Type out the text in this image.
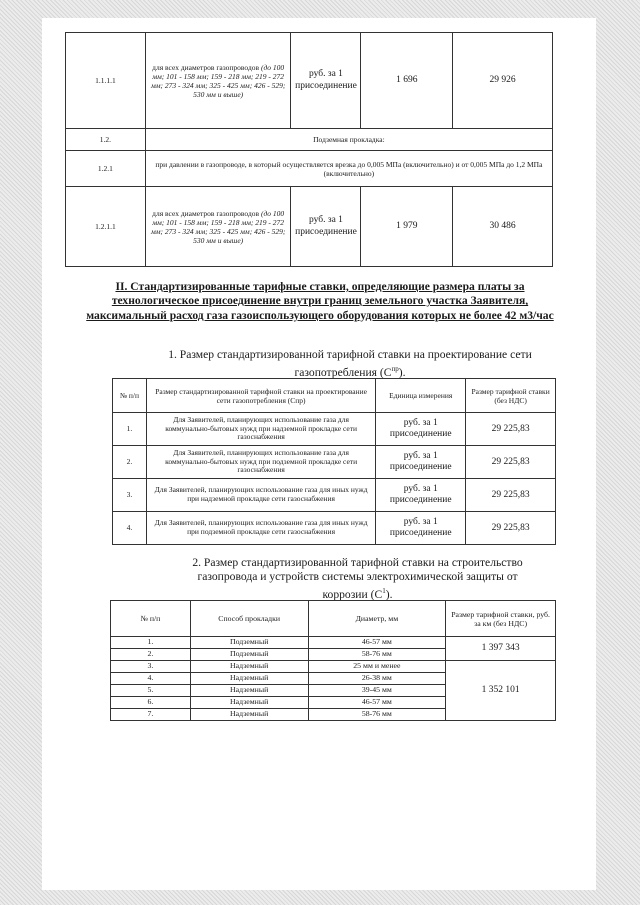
1.1.1.1	для всех диаметров газопроводов (до 100 мм; 101 - 158 мм; 159 - 218 мм; 219 - 272 мм; 273 - 324 мм; 325 - 425 мм; 426 - 529; 530 мм и выше)	руб. за 1 присоединение	1 696	29 926
1.2.	Подземная прокладка:			
1.2.1	при давлении в газопроводе, в который осуществляется врезка до 0,005 МПа (включительно) и от 0,005 МПа до 1,2 МПа (включительно)			
1.2.1.1	для всех диаметров газопроводов (до 100 мм; 101 - 158 мм; 159 - 218 мм; 219 - 272 мм; 273 - 324 мм; 325 - 425 мм; 426 - 529; 530 мм и выше)	руб. за 1 присоединение	1 979	30 486
II. Стандартизированные тарифные ставки, определяющие размера платы за технологическое присоединение внутри границ земельного участка Заявителя, максимальный расход газа газоиспользующего оборудования которых не более 42 м3/час
1. Размер стандартизированной тарифной ставки на проектирование сети газопотребления $(C^{пр})$.
№ п/п	Размер стандартизированной тарифной ставки на проектирование сети газопотребления (Спр)	Единица измерения	Размер тарифной ставки (без НДС)
1.	Для Заявителей, планирующих использование газа для коммунально-бытовых нужд при надземной прокладке сети газоснабжения	руб. за 1 присоединение	29 225,83
2.	Для Заявителей, планирующих использование газа для коммунально-бытовых нужд при подземной прокладке сети газоснабжения	руб. за 1 присоединение	29 225,83
3.	Для Заявителей, планирующих использование газа для иных нужд при надземной прокладке сети газоснабжения	руб. за 1 присоединение	29 225,83
4.	Для Заявителей, планирующих использование газа для иных нужд при подземной прокладке сети газоснабжения	руб. за 1 присоединение	29 225,83
2. Размер стандартизированной тарифной ставки на строительство газопровода и устройств системы электрохимической защиты от коррозии $(C^1)$.
№ п/п	Способ прокладки	Диаметр, мм	Размер тарифной ставки, руб. за км (без НДС)
1.	Подземный	46-57 мм	1 397 343
2.	Подземный	58-76 мм	
3.	Надземный	25 мм и менее	1 352 101
4.	Надземный	26-38 мм	
5.	Надземный	39-45 мм	
6.	Надземный	46-57 мм	
7.	Надземный	58-76 мм	
